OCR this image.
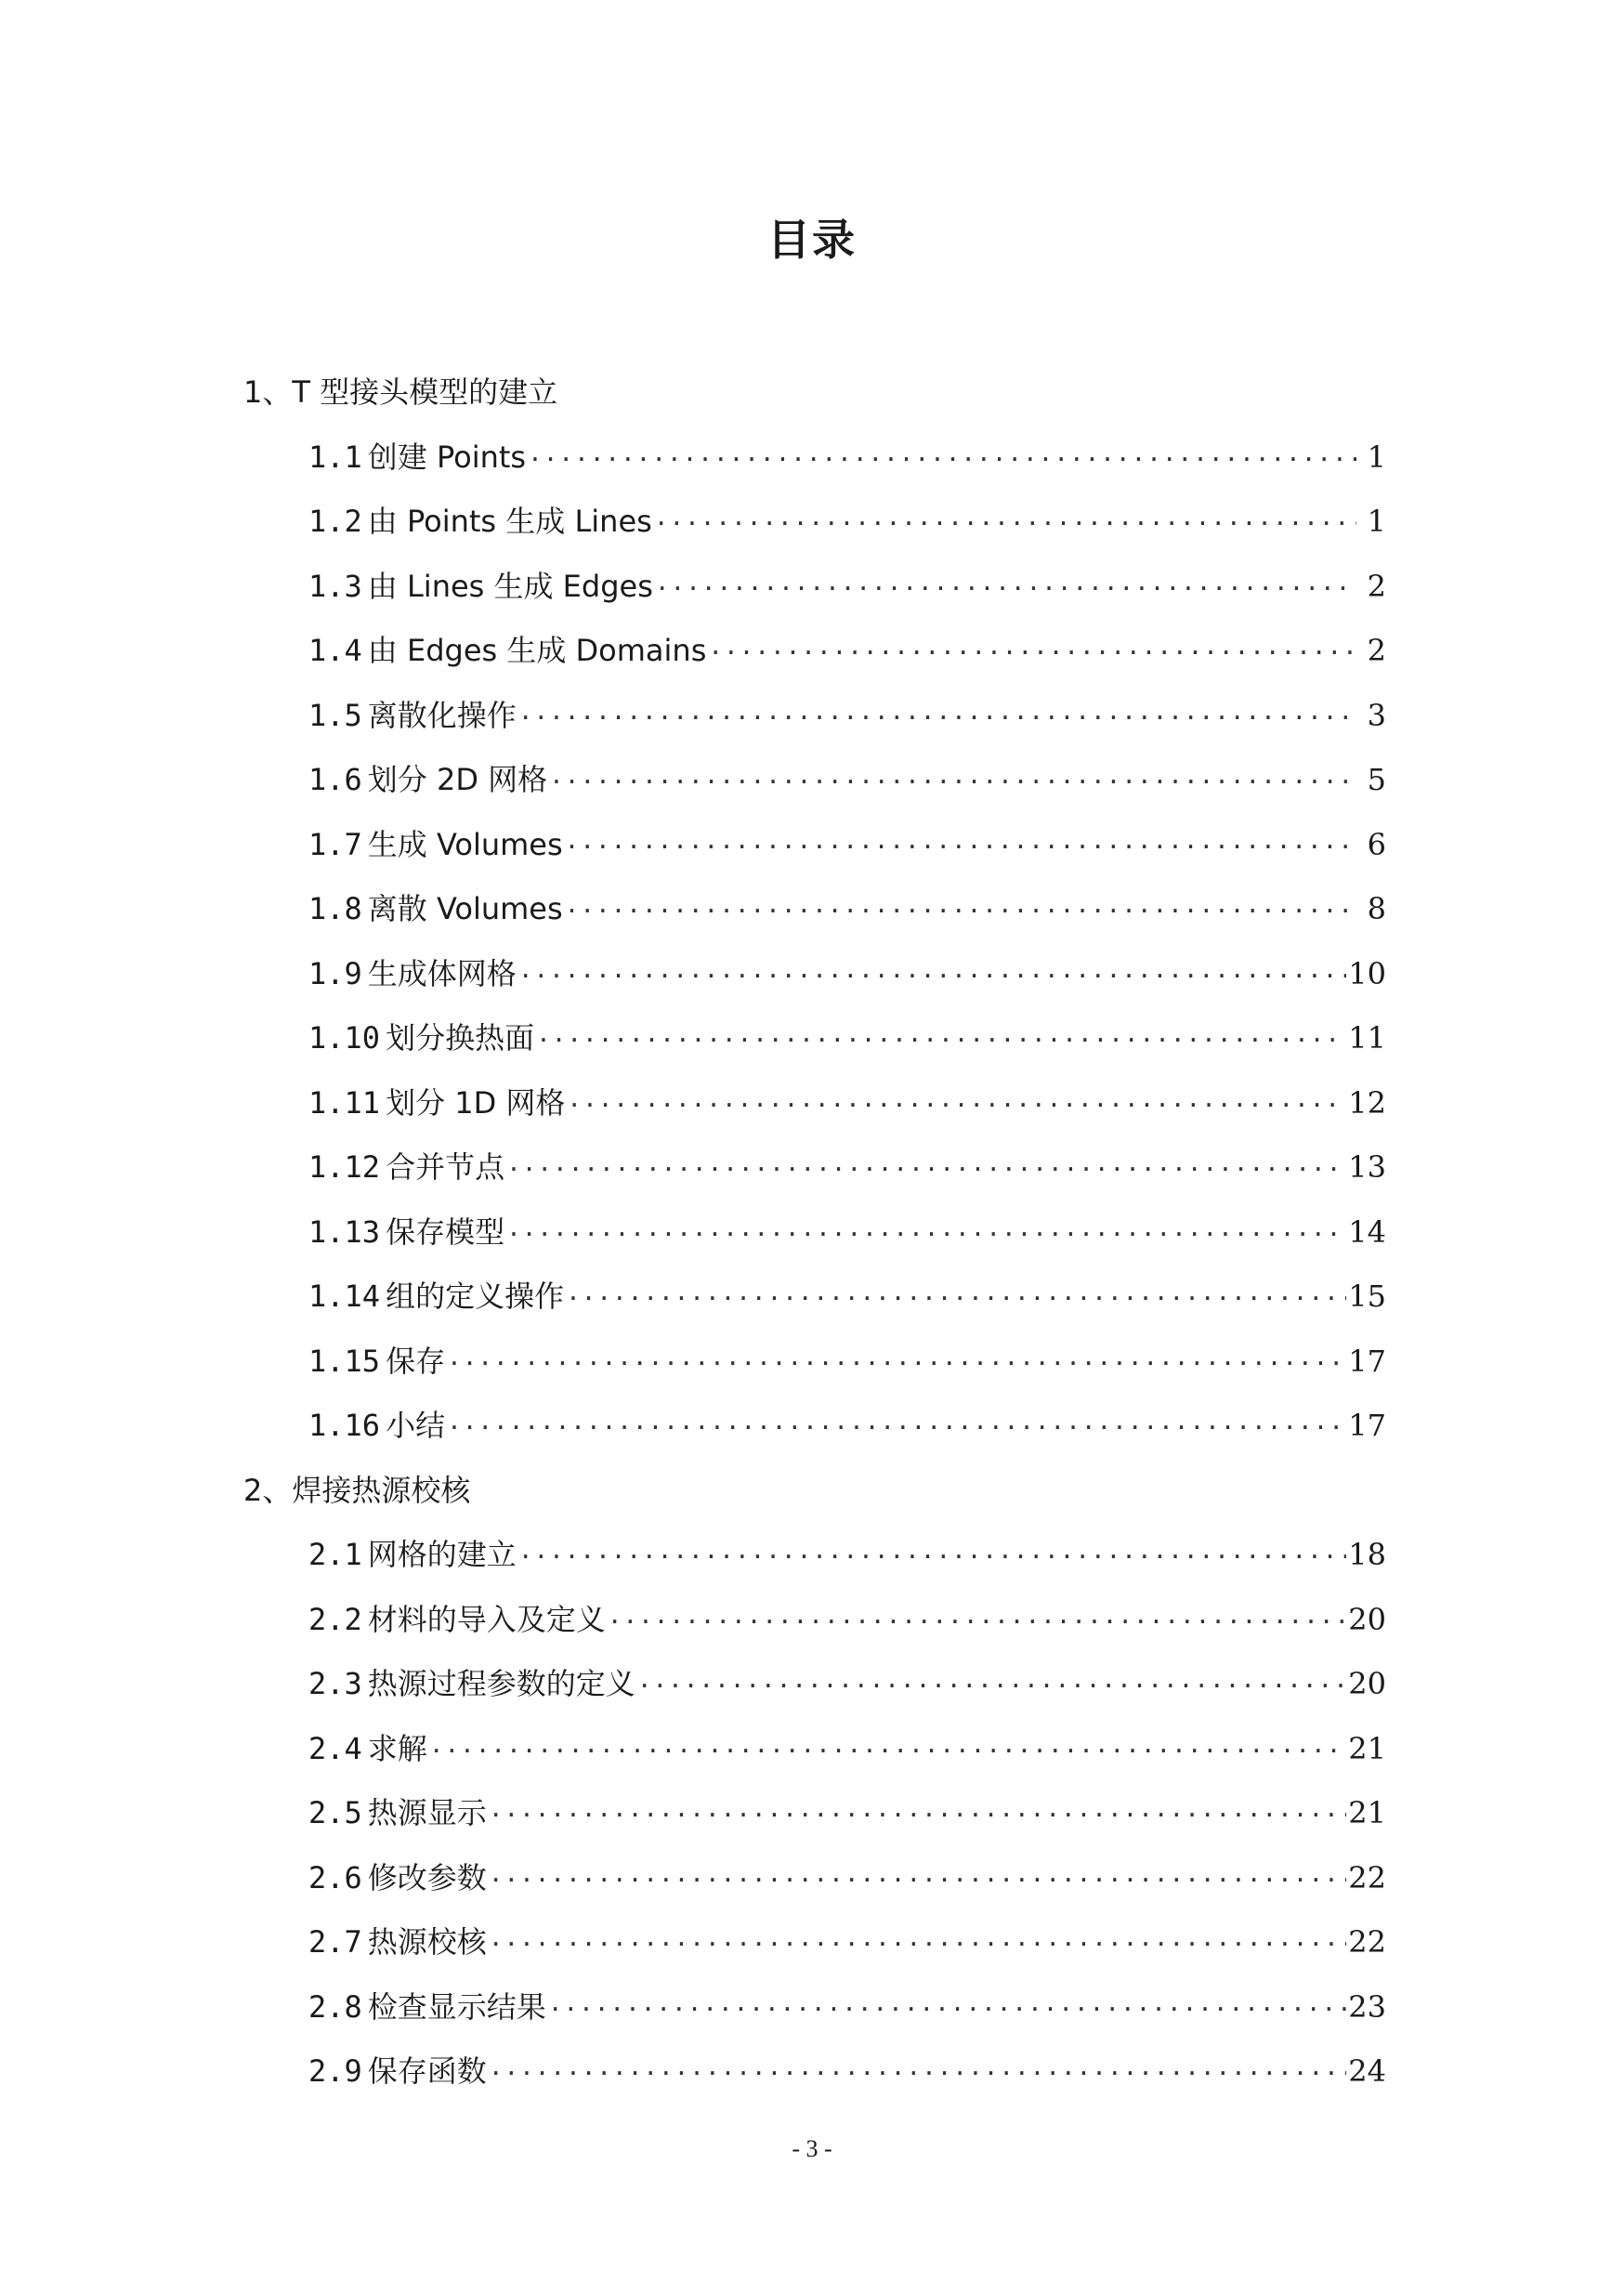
目录
1、T 型接头模型的建立
1.1 创建 Points ·····	1
1.2 由 Points 生成 Lines ·····	1
1.3 由 Lines 生成 Edges ·····	2
1.4 由 Edges 生成 Domains ·····	2
1.5 离散化操作 ·····	3
1.6 划分 2D 网格 ·····	5
1.7 生成 Volumes ·····	6
1.8 离散 Volumes ·····	8
1.9 生成体网格 ·····	10
1.10 划分换热面 ·····	11
1.11 划分 1D 网格 ·····	12
1.12 合并节点 ·····	13
1.13 保存模型 ·····	14
1.14 组的定义操作 ·····	15
1.15 保存 ·····	17
1.16 小结 ·····	17
2、焊接热源校核
2.1 网格的建立 ·····	18
2.2 材料的导入及定义 ·····	20
2.3 热源过程参数的定义 ·····	20
2.4 求解 ·····	21
2.5 热源显示 ·····	21
2.6 修改参数 ·····	22
2.7 热源校核 ·····	22
2.8 检查显示结果 ·····	23
2.9 保存函数 ·····	24
- 3 -
